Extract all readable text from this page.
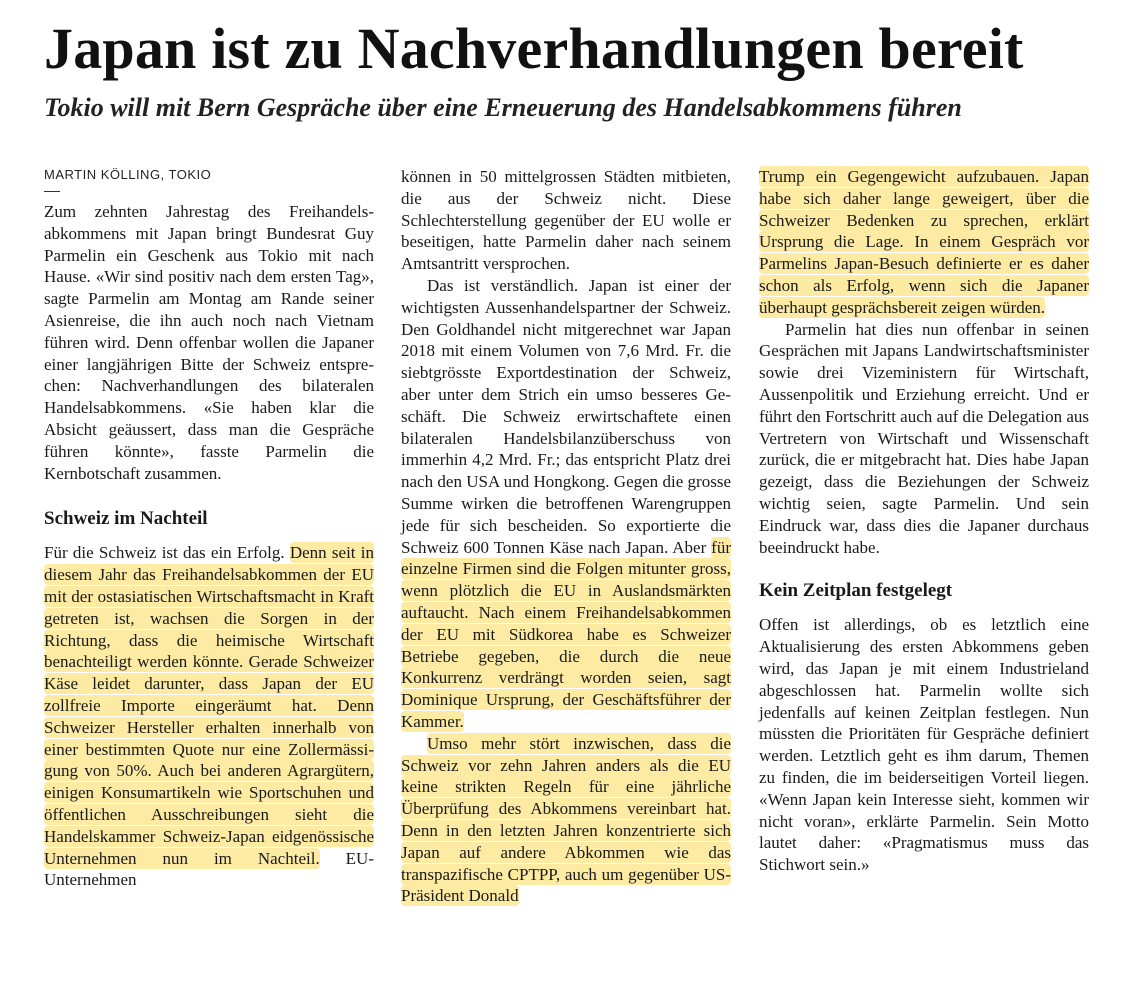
Japan ist zu Nachverhandlungen bereit
Tokio will mit Bern Gespräche über eine Erneuerung des Handelsabkommens führen
MARTIN KÖLLING, TOKIO

Zum zehnten Jahrestag des Freihandelsabkommens mit Japan bringt Bundesrat Guy Parmelin ein Geschenk aus Tokio mit nach Hause. «Wir sind positiv nach dem ersten Tag», sagte Parmelin am Montag am Rande seiner Asienreise, die ihn auch noch nach Vietnam führen wird. Denn offenbar wollen die Japaner einer langjährigen Bitte der Schweiz entsprechen: Nachverhandlungen des bilateralen Handelsabkommens. «Sie haben klar die Absicht geäussert, dass man die Gespräche führen könnte», fasste Parmelin die Kernbotschaft zusammen.

Schweiz im Nachteil

Für die Schweiz ist das ein Erfolg. Denn seit in diesem Jahr das Freihandelsabkommen der EU mit der ostasiatischen Wirtschaftsmacht in Kraft getreten ist, wachsen die Sorgen in der Richtung, dass die heimische Wirtschaft benachteiligt werden könnte. Gerade Schweizer Käse leidet darunter, dass Japan der EU zollfreie Importe eingeräumt hat. Denn Schweizer Hersteller erhalten innerhalb von einer bestimmten Quote nur eine Zollermässigung von 50%. Auch bei anderen Agrargütern, einigen Konsumartikeln wie Sportschuhen und öffentlichen Ausschreibungen sieht die Handelskammer Schweiz-Japan eidgenössische Unternehmen nun im Nachteil. EU-Unternehmen

können in 50 mittelgrossen Städten mitbieten, die aus der Schweiz nicht. Diese Schlechterstellung gegenüber der EU wolle er beseitigen, hatte Parmelin daher nach seinem Amtsantritt versprochen.

Das ist verständlich. Japan ist einer der wichtigsten Aussenhandelspartner der Schweiz. Den Goldhandel nicht mitgerechnet war Japan 2018 mit einem Volumen von 7,6 Mrd. Fr. die siebtgrösste Exportdestination der Schweiz, aber unter dem Strich ein umso besseres Geschäft. Die Schweiz erwirtschaftete einen bilateralen Handelsbilanzüberschuss von immerhin 4,2 Mrd. Fr.; das entspricht Platz drei nach den USA und Hongkong. Gegen die grosse Summe wirken die betroffenen Warengruppen jede für sich bescheiden. So exportierte die Schweiz 600 Tonnen Käse nach Japan. Aber für einzelne Firmen sind die Folgen mitunter gross, wenn plötzlich die EU in Auslandsmärkten auftaucht. Nach einem Freihandelsabkommen der EU mit Südkorea habe es Schweizer Betriebe gegeben, die durch die neue Konkurrenz verdrängt worden seien, sagt Dominique Ursprung, der Geschäftsführer der Kammer.

Umso mehr stört inzwischen, dass die Schweiz vor zehn Jahren anders als die EU keine strikten Regeln für eine jährliche Überprüfung des Abkommens vereinbart hat. Denn in den letzten Jahren konzentrierte sich Japan auf andere Abkommen wie das transpazifische CPTPP, auch um gegenüber US-Präsident Donald

Trump ein Gegengewicht aufzubauen. Japan habe sich daher lange geweigert, über die Schweizer Bedenken zu sprechen, erklärt Ursprung die Lage. In einem Gespräch vor Parmelins Japan-Besuch definierte er es daher schon als Erfolg, wenn sich die Japaner überhaupt gesprächsbereit zeigen würden.

Parmelin hat dies nun offenbar in seinen Gesprächen mit Japans Landwirtschaftsminister sowie drei Vizeministern für Wirtschaft, Aussenpolitik und Erziehung erreicht. Und er führt den Fortschritt auch auf die Delegation aus Vertretern von Wirtschaft und Wissenschaft zurück, die er mitgebracht hat. Dies habe Japan gezeigt, dass die Beziehungen der Schweiz wichtig seien, sagte Parmelin. Und sein Eindruck war, dass dies die Japaner durchaus beeindruckt habe.

Kein Zeitplan festgelegt

Offen ist allerdings, ob es letztlich eine Aktualisierung des ersten Abkommens geben wird, das Japan je mit einem Industrieland abgeschlossen hat. Parmelin wollte sich jedenfalls auf keinen Zeitplan festlegen. Nun müssten die Prioritäten für Gespräche definiert werden. Letztlich geht es ihm darum, Themen zu finden, die im beiderseitigen Vorteil liegen. «Wenn Japan kein Interesse sieht, kommen wir nicht voran», erklärte Parmelin. Sein Motto lautet daher: «Pragmatismus muss das Stichwort sein.»
